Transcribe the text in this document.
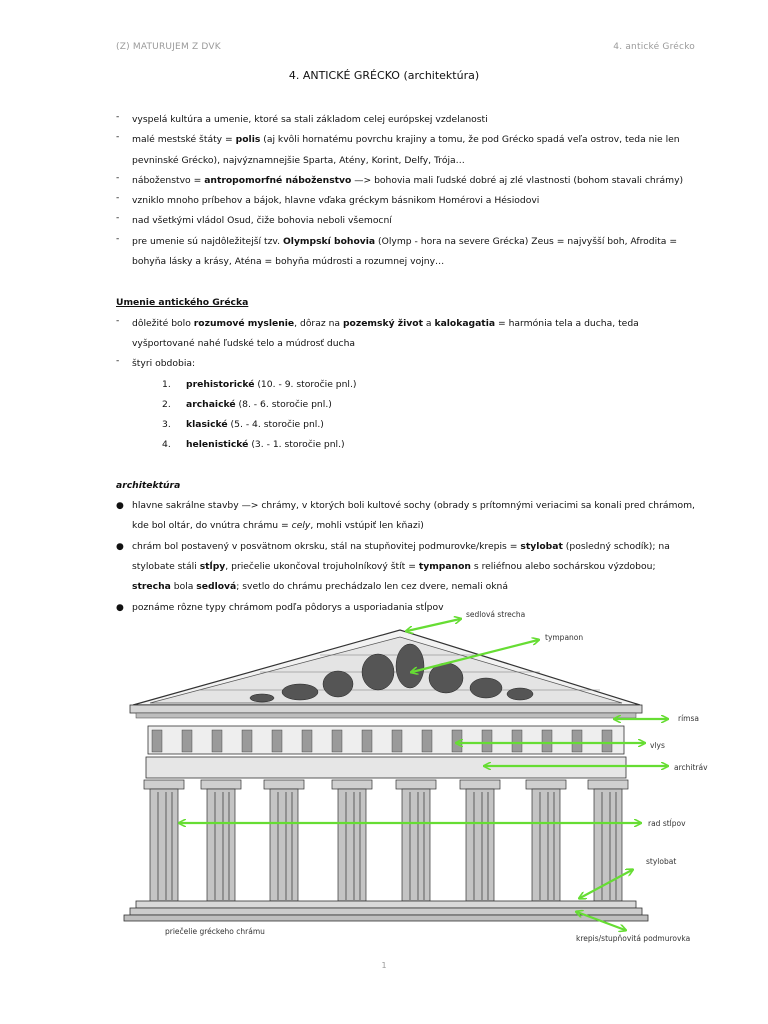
(Z) MATURUJEM Z DVK	4. antické Grécko
4. ANTICKÉ GRÉCKO (architektúra)
- vyspelá kultúra a umenie, ktoré sa stali základom celej európskej vzdelanosti
- malé mestské štáty = polis (aj kvôli hornatému povrchu krajiny a tomu, že pod Grécko spadá veľa ostrov, teda nie len pevninské Grécko), najvýznamnejšie Sparta, Atény, Korint, Delfy, Trója…
- náboženstvo = antropomorfné náboženstvo —> bohovia mali ľudské dobré aj zlé vlastnosti (bohom stavali chrámy)
- vzniklo mnoho príbehov a bájok, hlavne vďaka gréckym básnikom Homérovi a Hésiodovi
- nad všetkými vládol Osud, čiže bohovia neboli všemocní
- pre umenie sú najdôležitejší tzv. Olympskí bohovia (Olymp - hora na severe Grécka) Zeus = najvyšší boh, Afrodita = bohyňa lásky a krásy, Aténa = bohyňa múdrosti a rozumnej vojny…
Umenie antického Grécka
- dôležité bolo rozumové myslenie, dôraz na pozemský život a kalokagatia = harmónia tela a ducha, teda vyšportované nahé ľudské telo a múdrosť ducha
- štyri obdobia:
1. prehistorické (10. - 9. storočie pnl.)
2. archaické (8. - 6. storočie pnl.)
3. klasické (5. - 4. storočie pnl.)
4. helenistické (3. - 1. storočie pnl.)
architektúra
● hlavne sakrálne stavby —> chrámy, v ktorých boli kultové sochy (obrady s prítomnými veriacimi sa konali pred chrámom, kde bol oltár, do vnútra chrámu = cely, mohli vstúpiť len kňazi)
● chrám bol postavený v posvätnom okrsku, stál na stupňovitej podmurovke/krepis = stylobat (posledný schodík); na stylobate stáli stĺpy, priečelie ukončoval trojuholníkový štít = tympanon s reliéfnou alebo sochárskou výzdobou; strecha bola sedlová; svetlo do chrámu prechádzalo len cez dvere, nemali okná
● poznáme rôzne typy chrámom podľa pôdorys a usporiadania stĺpov
sedlová strecha
tympanon
rímsa
vlys
architráv
rad stĺpov
stylobat
krepis/stupňovitá podmurovka
priečelie gréckeho chrámu
1
